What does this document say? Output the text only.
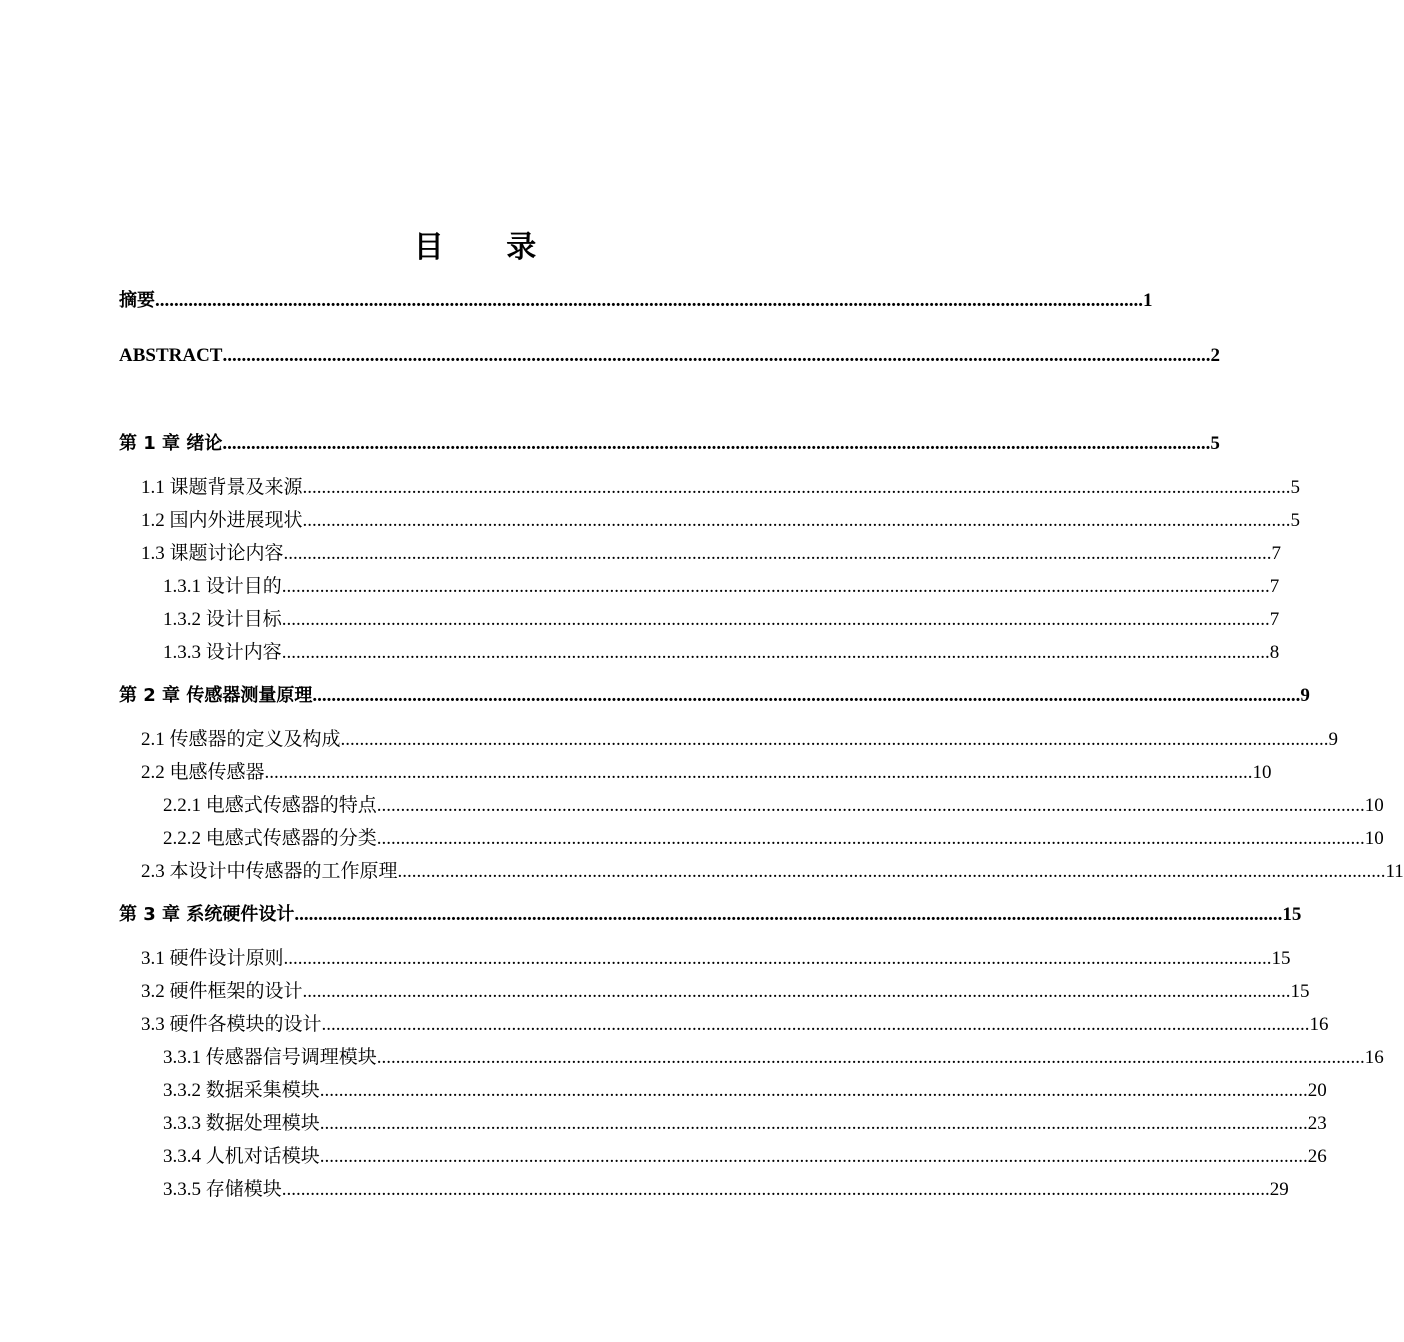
目 录
摘要 ................................................................................................................................................................................................................ 1
ABSTRACT ................................................................................................................................................................................................................ 2
第 1 章 绪论 ................................................................................................................................................................................................................ 5
1.1 课题背景及来源 ................................................................................................................................................................................................................ 5
1.2 国内外进展现状 ................................................................................................................................................................................................................ 5
1.3 课题讨论内容 ................................................................................................................................................................................................................ 7
1.3.1 设计目的 ................................................................................................................................................................................................................ 7
1.3.2 设计目标 ................................................................................................................................................................................................................ 7
1.3.3 设计内容 ................................................................................................................................................................................................................ 8
第 2 章 传感器测量原理 ................................................................................................................................................................................................................ 9
2.1 传感器的定义及构成 ................................................................................................................................................................................................................ 9
2.2 电感传感器 ................................................................................................................................................................................................................ 10
2.2.1 电感式传感器的特点 ................................................................................................................................................................................................................ 10
2.2.2 电感式传感器的分类 ................................................................................................................................................................................................................ 10
2.3 本设计中传感器的工作原理 ................................................................................................................................................................................................................ 11
第 3 章 系统硬件设计 ................................................................................................................................................................................................................ 15
3.1 硬件设计原则 ................................................................................................................................................................................................................ 15
3.2 硬件框架的设计 ................................................................................................................................................................................................................ 15
3.3 硬件各模块的设计 ................................................................................................................................................................................................................ 16
3.3.1 传感器信号调理模块 ................................................................................................................................................................................................................ 16
3.3.2 数据采集模块 ................................................................................................................................................................................................................ 20
3.3.3 数据处理模块 ................................................................................................................................................................................................................ 23
3.3.4 人机对话模块 ................................................................................................................................................................................................................ 26
3.3.5 存储模块 ................................................................................................................................................................................................................ 29
